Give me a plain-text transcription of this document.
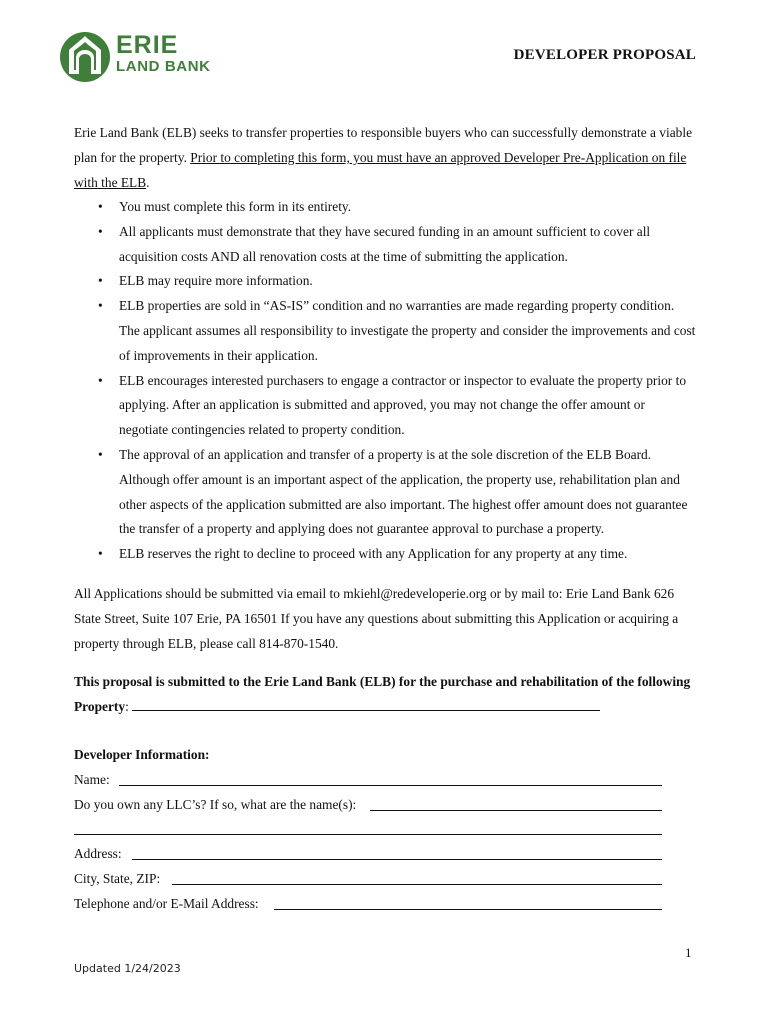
ERIE
LAND BANK
DEVELOPER PROPOSAL
Erie Land Bank (ELB) seeks to transfer properties to responsible buyers who can successfully demonstrate a viable plan for the property. Prior to completing this form, you must have an approved Developer Pre-Application on file with the ELB.
• You must complete this form in its entirety.
• All applicants must demonstrate that they have secured funding in an amount sufficient to cover all acquisition costs AND all renovation costs at the time of submitting the application.
• ELB may require more information.
• ELB properties are sold in “AS-IS” condition and no warranties are made regarding property condition. The applicant assumes all responsibility to investigate the property and consider the improvements and cost of improvements in their application.
• ELB encourages interested purchasers to engage a contractor or inspector to evaluate the property prior to applying. After an application is submitted and approved, you may not change the offer amount or negotiate contingencies related to property condition.
• The approval of an application and transfer of a property is at the sole discretion of the ELB Board. Although offer amount is an important aspect of the application, the property use, rehabilitation plan and other aspects of the application submitted are also important. The highest offer amount does not guarantee the transfer of a property and applying does not guarantee approval to purchase a property.
• ELB reserves the right to decline to proceed with any Application for any property at any time.
All Applications should be submitted via email to mkiehl@redeveloperie.org or by mail to: Erie Land Bank 626 State Street, Suite 107 Erie, PA 16501 If you have any questions about submitting this Application or acquiring a property through ELB, please call 814-870-1540.
This proposal is submitted to the Erie Land Bank (ELB) for the purchase and rehabilitation of the following Property:
Developer Information:
Name:
Do you own any LLC’s? If so, what are the name(s):
Address:
City, State, ZIP:
Telephone and/or E-Mail Address:
1
Updated 1/24/2023
